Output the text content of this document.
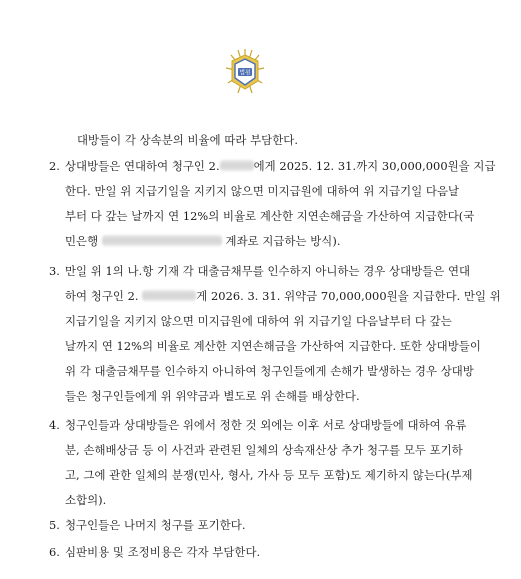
법원
대방들이 각 상속분의 비율에 따라 부담한다.
2. 상대방들은 연대하여 청구인 2.	에게 2025. 12. 31.까지 30,000,000원을 지급
한다. 만일 위 지급기일을 지키지 않으면 미지급원에 대하여 위 지급기일 다음날
부터 다 갚는 날까지 연 12%의 비율로 계산한 지연손해금을 가산하여 지급한다(국
민은행	계좌로 지급하는 방식).
3. 만일 위 1의 나.항 기재 각 대출금채무를 인수하지 아니하는 경우 상대방들은 연대
하여 청구인 2.	게 2026. 3. 31. 위약금 70,000,000원을 지급한다. 만일 위
지급기일을 지키지 않으면 미지급원에 대하여 위 지급기일 다음날부터 다 갚는
날까지 연 12%의 비율로 계산한 지연손해금을 가산하여 지급한다. 또한 상대방들이
위 각 대출금채무를 인수하지 아니하여 청구인들에게 손해가 발생하는 경우 상대방
들은 청구인들에게 위 위약금과 별도로 위 손해를 배상한다.
4. 청구인들과 상대방들은 위에서 정한 것 외에는 이후 서로 상대방들에 대하여 유류
분, 손해배상금 등 이 사건과 관련된 일체의 상속재산상 추가 청구를 모두 포기하
고, 그에 관한 일체의 분쟁(민사, 형사, 가사 등 모두 포함)도 제기하지 않는다(부제
소합의).
5. 청구인들은 나머지 청구를 포기한다.
6. 심판비용 및 조정비용은 각자 부담한다.
